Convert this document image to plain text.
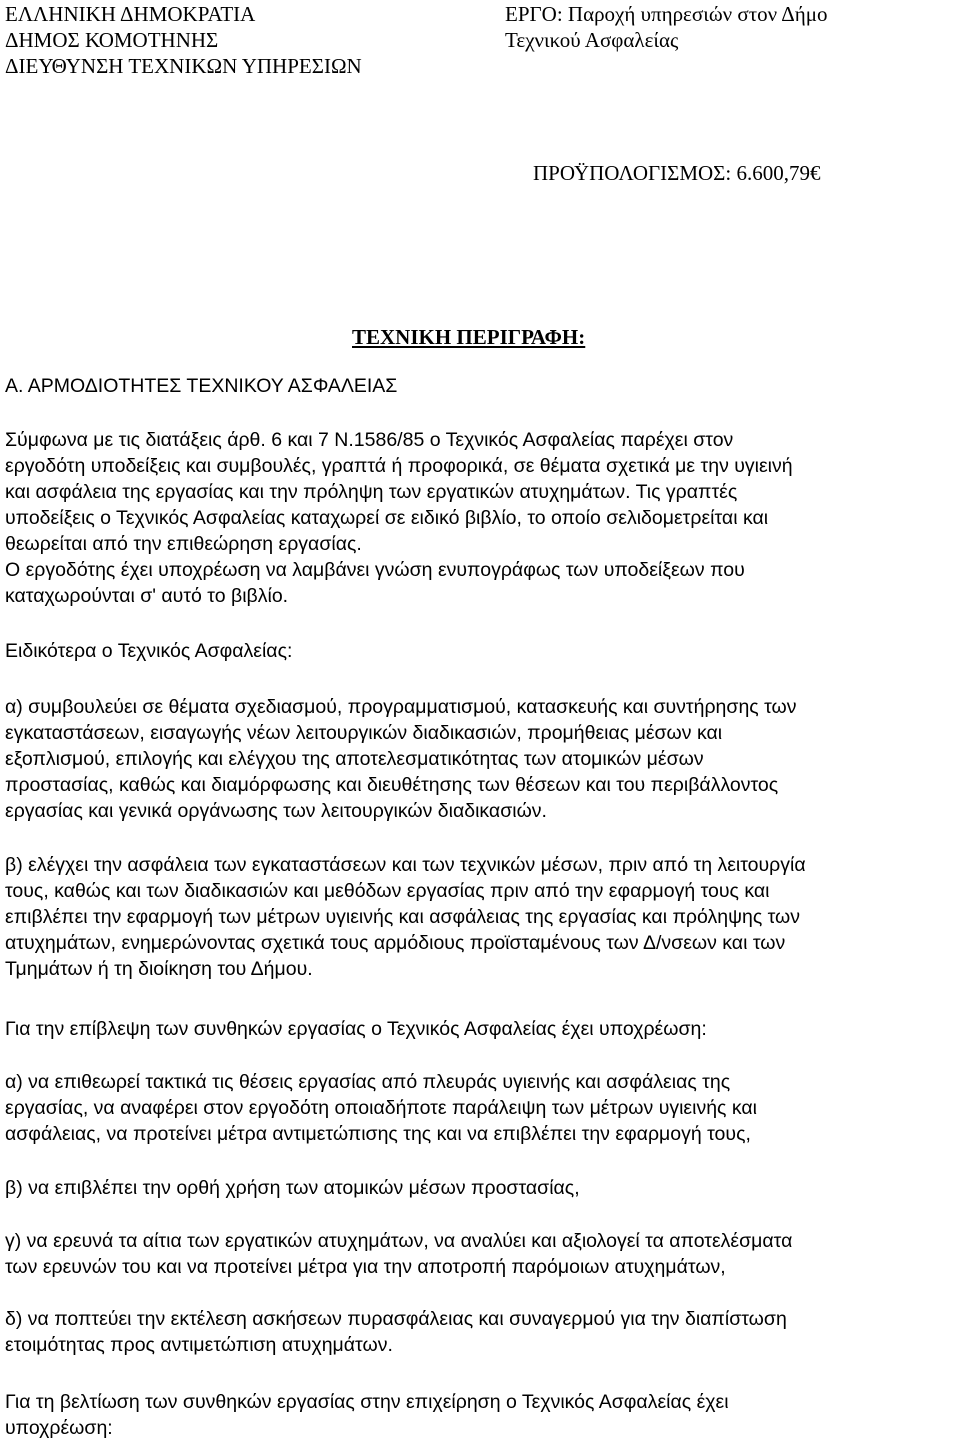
ΕΛΛΗΝΙΚΗ ΔΗΜΟΚΡΑΤΙΑ
ΔΗΜΟΣ ΚΟΜΟΤΗΝΗΣ
ΔΙΕΥΘΥΝΣΗ ΤΕΧΝΙΚΩΝ ΥΠΗΡΕΣΙΩΝ
ΕΡΓΟ: Παροχή υπηρεσιών στον Δήμο
Τεχνικού Ασφαλείας
ΠΡΟΫΠΟΛΟΓΙΣΜΟΣ: 6.600,79€
ΤΕΧΝΙΚΗ ΠΕΡΙΓΡΑΦΗ:
Α. ΑΡΜΟΔΙΟΤΗΤΕΣ ΤΕΧΝΙΚΟΥ ΑΣΦΑΛΕΙΑΣ
Σύμφωνα με τις διατάξεις άρθ. 6 και 7 Ν.1586/85 ο Τεχνικός Ασφαλείας παρέχει στον
εργοδότη υποδείξεις και συμβουλές, γραπτά ή προφορικά, σε θέματα σχετικά με την υγιεινή
και ασφάλεια της εργασίας και την πρόληψη των εργατικών ατυχημάτων. Τις γραπτές
υποδείξεις ο Τεχνικός Ασφαλείας καταχωρεί σε ειδικό βιβλίο, το οποίο σελιδομετρείται και
θεωρείται από την επιθεώρηση εργασίας.
Ο εργοδότης έχει υποχρέωση να λαμβάνει γνώση ενυπογράφως των υποδείξεων που
καταχωρούνται σ' αυτό το βιβλίο.
Ειδικότερα ο Τεχνικός Ασφαλείας:
α) συμβουλεύει σε θέματα σχεδιασμού, προγραμματισμού, κατασκευής και συντήρησης των
εγκαταστάσεων, εισαγωγής νέων λειτουργικών διαδικασιών, προμήθειας μέσων και
εξοπλισμού, επιλογής και ελέγχου της αποτελεσματικότητας των ατομικών μέσων
προστασίας, καθώς και διαμόρφωσης και διευθέτησης των θέσεων και του περιβάλλοντος
εργασίας και γενικά οργάνωσης των λειτουργικών διαδικασιών.
β) ελέγχει την ασφάλεια των εγκαταστάσεων και των τεχνικών μέσων, πριν από τη λειτουργία
τους, καθώς και των διαδικασιών και μεθόδων εργασίας πριν από την εφαρμογή τους και
επιβλέπει την εφαρμογή των μέτρων υγιεινής και ασφάλειας της εργασίας και πρόληψης των
ατυχημάτων, ενημερώνοντας σχετικά τους αρμόδιους προϊσταμένους των Δ/νσεων και των
Τμημάτων ή τη διοίκηση του Δήμου.
Για την επίβλεψη των συνθηκών εργασίας ο Τεχνικός Ασφαλείας έχει υποχρέωση:
α) να επιθεωρεί τακτικά τις θέσεις εργασίας από πλευράς υγιεινής και ασφάλειας της
εργασίας, να αναφέρει στον εργοδότη οποιαδήποτε παράλειψη των μέτρων υγιεινής και
ασφάλειας, να προτείνει μέτρα αντιμετώπισης της και να επιβλέπει την εφαρμογή τους,
β) να επιβλέπει την ορθή χρήση των ατομικών μέσων προστασίας,
γ) να ερευνά τα αίτια των εργατικών ατυχημάτων, να αναλύει και αξιολογεί τα αποτελέσματα
των ερευνών του και να προτείνει μέτρα για την αποτροπή παρόμοιων ατυχημάτων,
δ) να ποπτεύει την εκτέλεση ασκήσεων πυρασφάλειας και συναγερμού για την διαπίστωση
ετοιμότητας προς αντιμετώπιση ατυχημάτων.
Για τη βελτίωση των συνθηκών εργασίας στην επιχείρηση ο Τεχνικός Ασφαλείας έχει
υποχρέωση:
